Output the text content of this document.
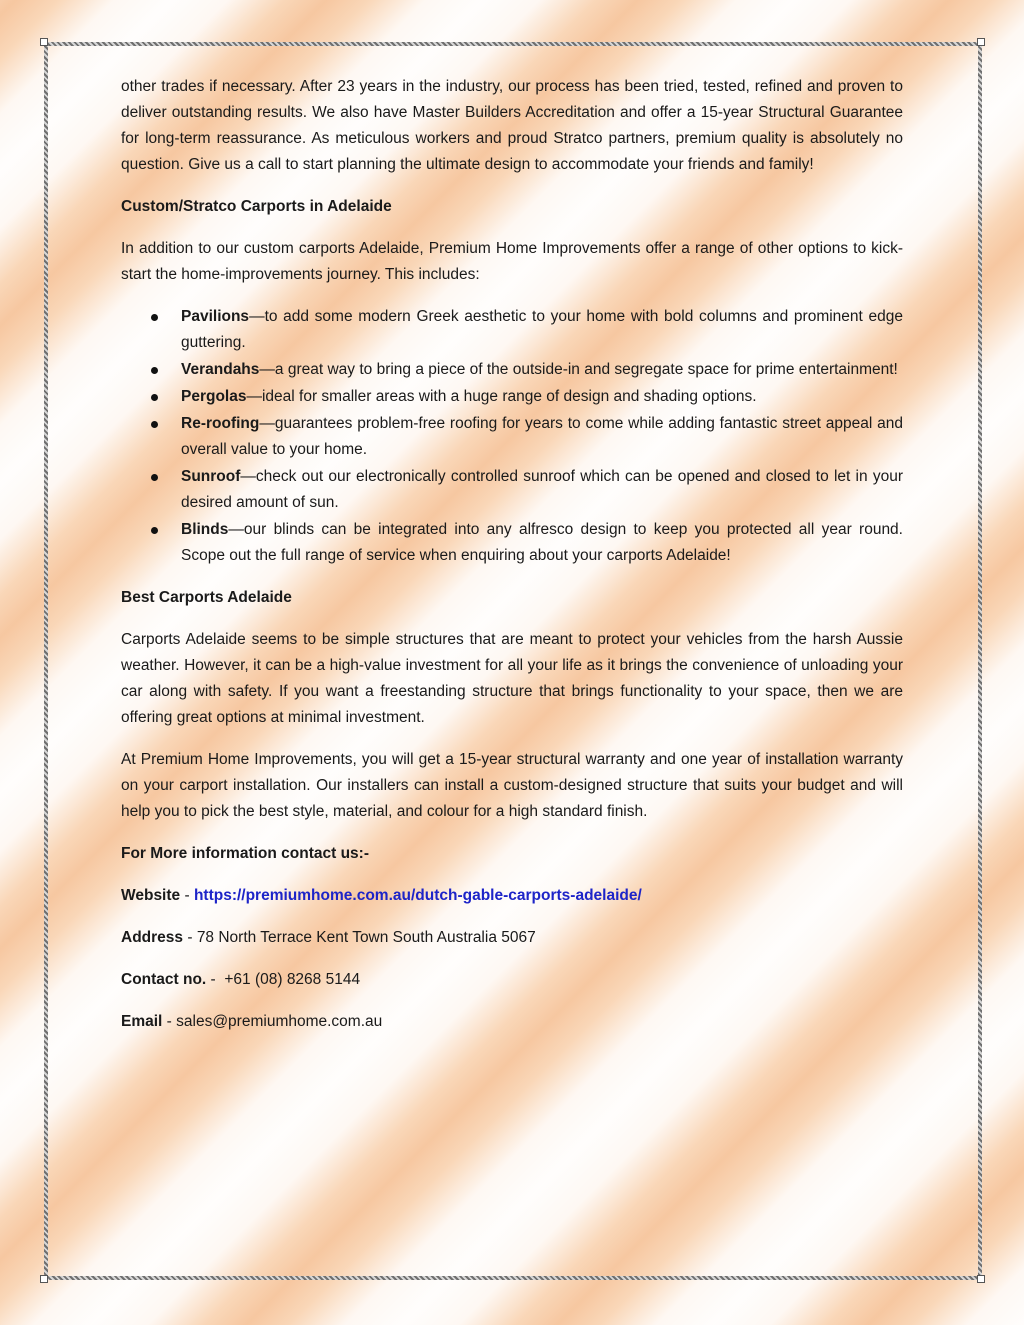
other trades if necessary. After 23 years in the industry, our process has been tried, tested, refined and proven to deliver outstanding results. We also have Master Builders Accreditation and offer a 15-year Structural Guarantee for long-term reassurance. As meticulous workers and proud Stratco partners, premium quality is absolutely no question. Give us a call to start planning the ultimate design to accommodate your friends and family!

Custom/Stratco Carports in Adelaide

In addition to our custom carports Adelaide, Premium Home Improvements offer a range of other options to kick-start the home-improvements journey. This includes:

Pavilions—to add some modern Greek aesthetic to your home with bold columns and prominent edge guttering.
Verandahs—a great way to bring a piece of the outside-in and segregate space for prime entertainment!
Pergolas—ideal for smaller areas with a huge range of design and shading options.
Re-roofing—guarantees problem-free roofing for years to come while adding fantastic street appeal and overall value to your home.
Sunroof—check out our electronically controlled sunroof which can be opened and closed to let in your desired amount of sun.
Blinds—our blinds can be integrated into any alfresco design to keep you protected all year round. Scope out the full range of service when enquiring about your carports Adelaide!
Best Carports Adelaide

Carports Adelaide seems to be simple structures that are meant to protect your vehicles from the harsh Aussie weather. However, it can be a high-value investment for all your life as it brings the convenience of unloading your car along with safety. If you want a freestanding structure that brings functionality to your space, then we are offering great options at minimal investment.

At Premium Home Improvements, you will get a 15-year structural warranty and one year of installation warranty on your carport installation. Our installers can install a custom-designed structure that suits your budget and will help you to pick the best style, material, and colour for a high standard finish.

For More information contact us:-
Website - https://premiumhome.com.au/dutch-gable-carports-adelaide/
Address - 78 North Terrace Kent Town South Australia 5067
Contact no. -  +61 (08) 8268 5144
Email - sales@premiumhome.com.au
